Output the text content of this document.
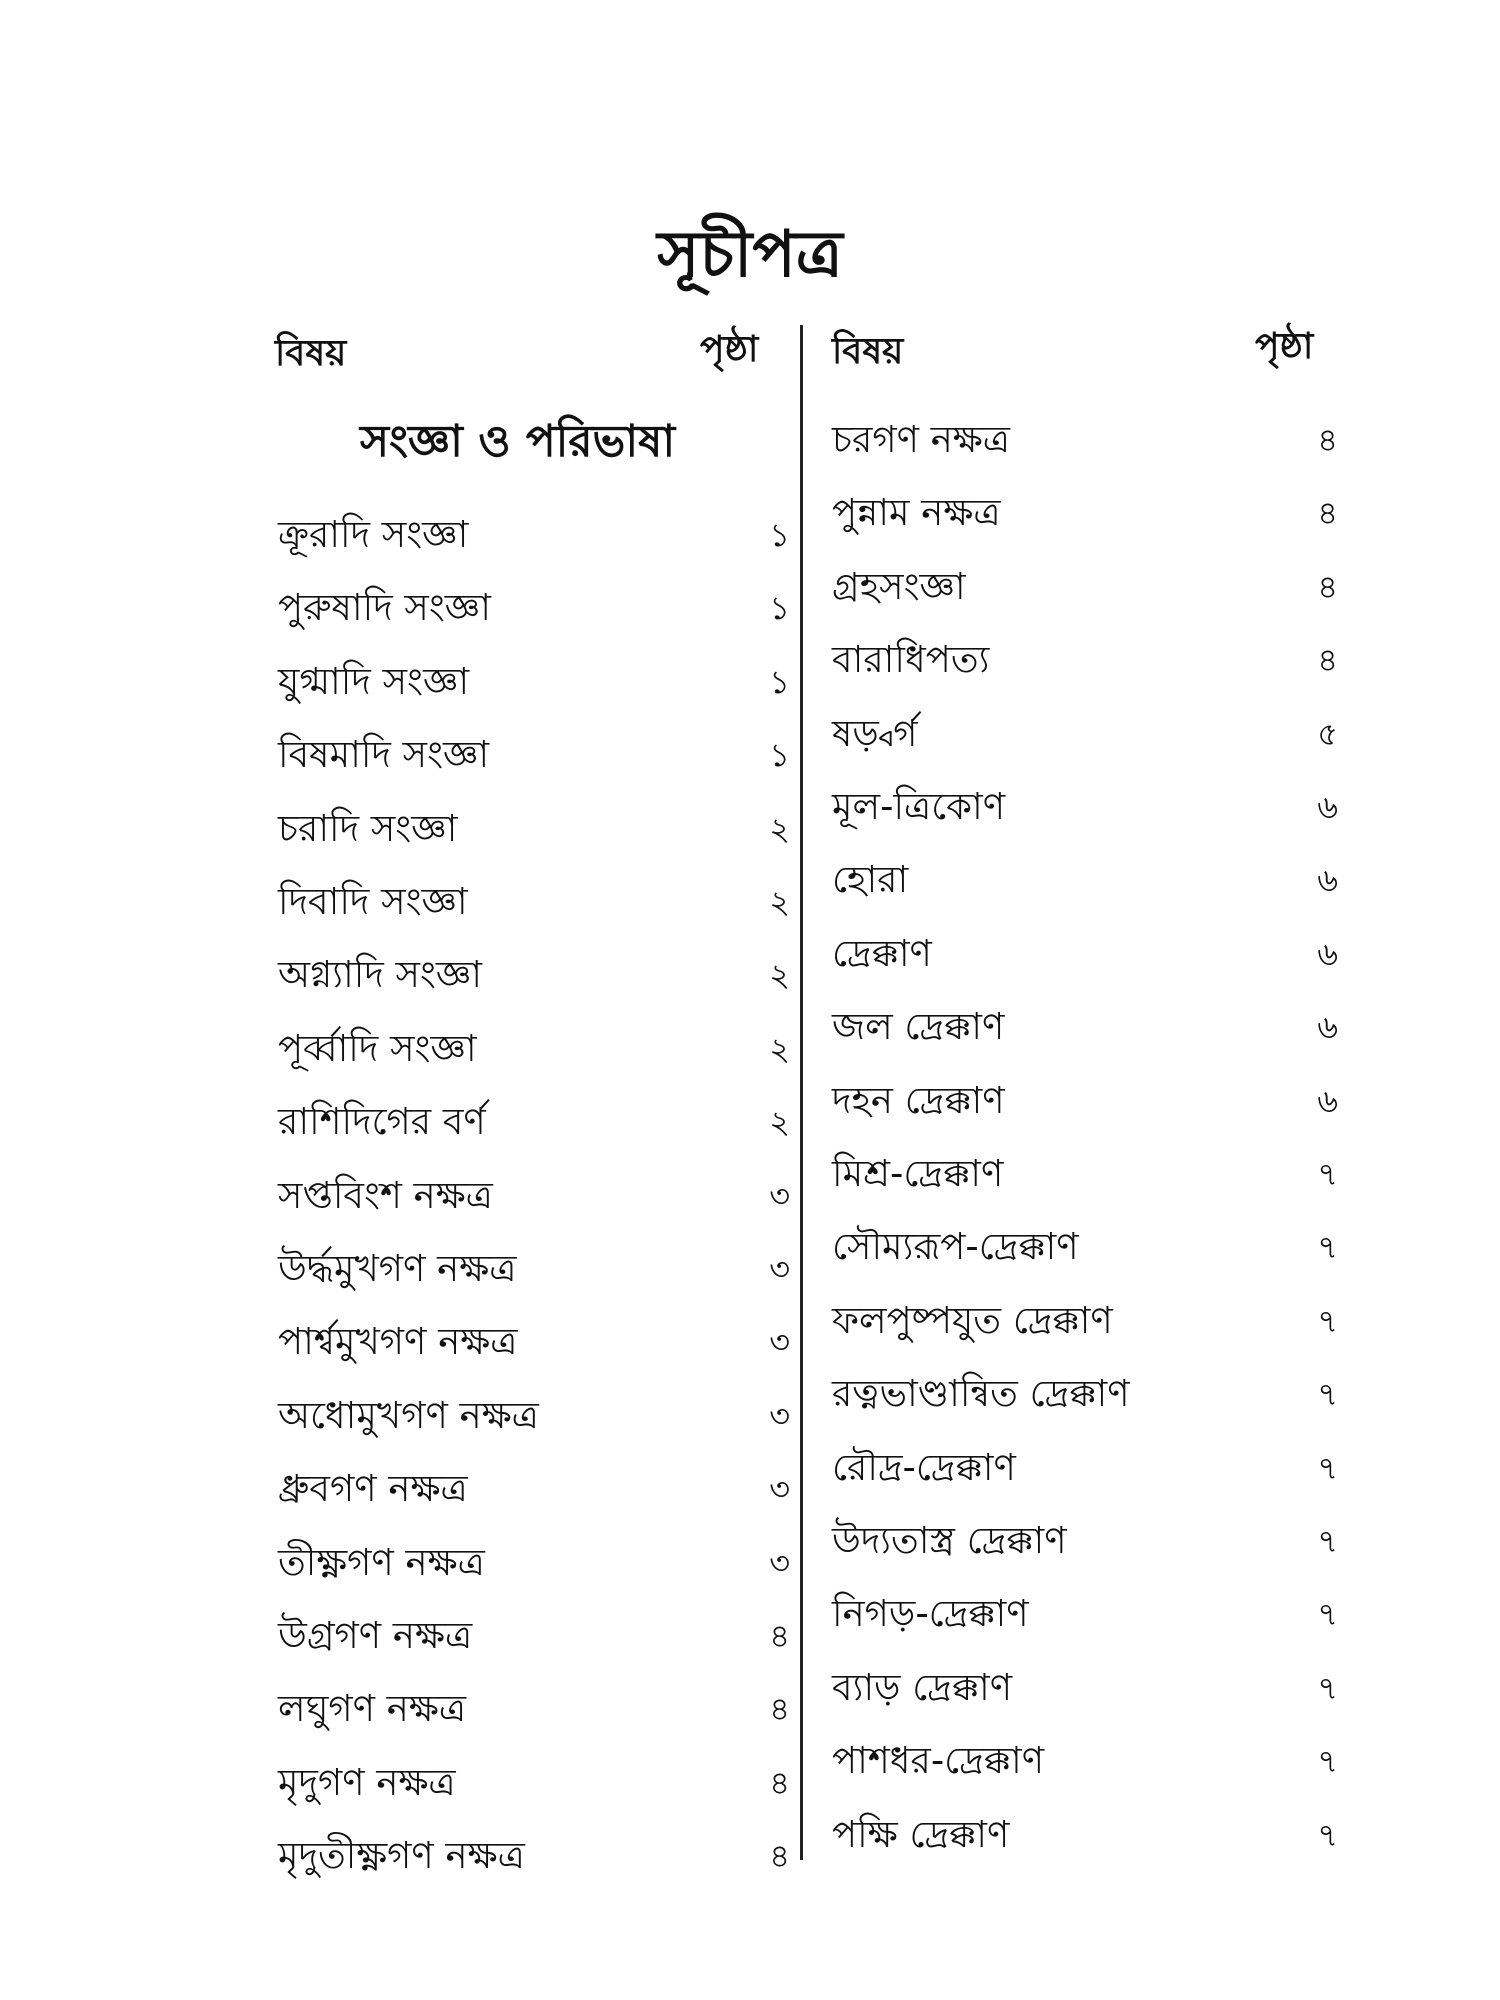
সূচীপত্র
বিষয়	পৃষ্ঠা বিষয়	পৃষ্ঠা
সংজ্ঞা ও পরিভাষা
ক্রূরাদি সংজ্ঞা	১
পুরুষাদি সংজ্ঞা	১
যুগ্মাদি সংজ্ঞা	১
বিষমাদি সংজ্ঞা	১
চরাদি সংজ্ঞা	২
দিবাদি সংজ্ঞা	২
অগ্ন্যাদি সংজ্ঞা	২
পূর্ব্বাদি সংজ্ঞা	২
রাশিদিগের বর্ণ	২
সপ্তবিংশ নক্ষত্র	৩
উর্দ্ধমুখগণ নক্ষত্র	৩
পার্শ্বমুখগণ নক্ষত্র	৩
অধোমুখগণ নক্ষত্র	৩
ধ্রুবগণ নক্ষত্র	৩
তীক্ষ্ণগণ নক্ষত্র	৩
উগ্রগণ নক্ষত্র	৪
লঘুগণ নক্ষত্র	৪
মৃদুগণ নক্ষত্র	৪
মৃদুতীক্ষ্ণগণ নক্ষত্র	৪
চরগণ নক্ষত্র	৪
পুন্নাম নক্ষত্র	৪
গ্রহসংজ্ঞা	৪
বারাধিপত্য	৪
ষড়্বর্গ	৫
মূল-ত্রিকোণ	৬
হোরা	৬
দ্রেক্কাণ	৬
জল দ্রেক্কাণ	৬
দহন দ্রেক্কাণ	৬
মিশ্র-দ্রেক্কাণ	৭
সৌম্যরূপ-দ্রেক্কাণ	৭
ফলপুষ্পযুত দ্রেক্কাণ	৭
রত্নভাণ্ডান্বিত দ্রেক্কাণ	৭
রৌদ্র-দ্রেক্কাণ	৭
উদ্যতাস্ত্র দ্রেক্কাণ	৭
নিগড়-দ্রেক্কাণ	৭
ব্যাড় দ্রেক্কাণ	৭
পাশধর-দ্রেক্কাণ	৭
পক্ষি দ্রেক্কাণ	৭
